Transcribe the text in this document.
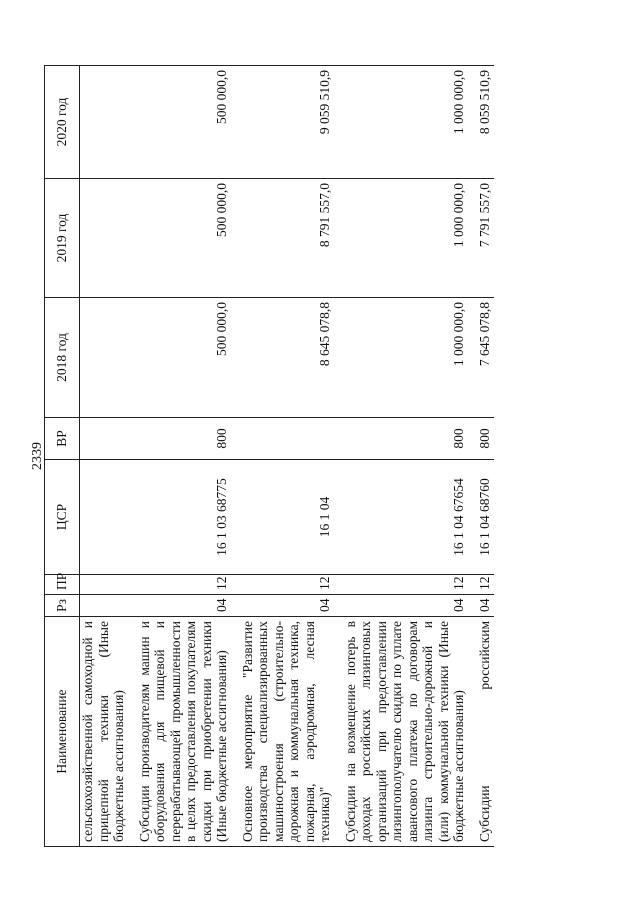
2339
Наименование	Рз	ПР	ЦСР	ВР	2018 год	2019 год	2020 год
сельскохозяйственной самоходной и прицепной техники (Иные бюджетные ассигнования)							
Субсидии производителям машин и оборудования для пищевой и перерабатывающей промышленности в целях предоставления покупателям скидки при приобретении техники (Иные бюджетные ассигнования)	04	12	16 1 03 68775	800	500 000,0	500 000,0	500 000,0
Основное мероприятие "Развитие производства специализированных машиностроения (строительно-дорожная и коммунальная техника, пожарная, аэродромная, лесная техника)"	04	12	16 1 04		8 645 078,8	8 791 557,0	9 059 510,9
Субсидии на возмещение потерь в доходах российских лизинговых организаций при предоставлении лизингополучателю скидки по уплате авансового платежа по договорам лизинга строительно-дорожной и (или) коммунальной техники (Иные бюджетные ассигнования)	04	12	16 1 04 67654	800	1 000 000,0	1 000 000,0	1 000 000,0
Субсидии российским	04	12	16 1 04 68760	800	7 645 078,8	7 791 557,0	8 059 510,9
